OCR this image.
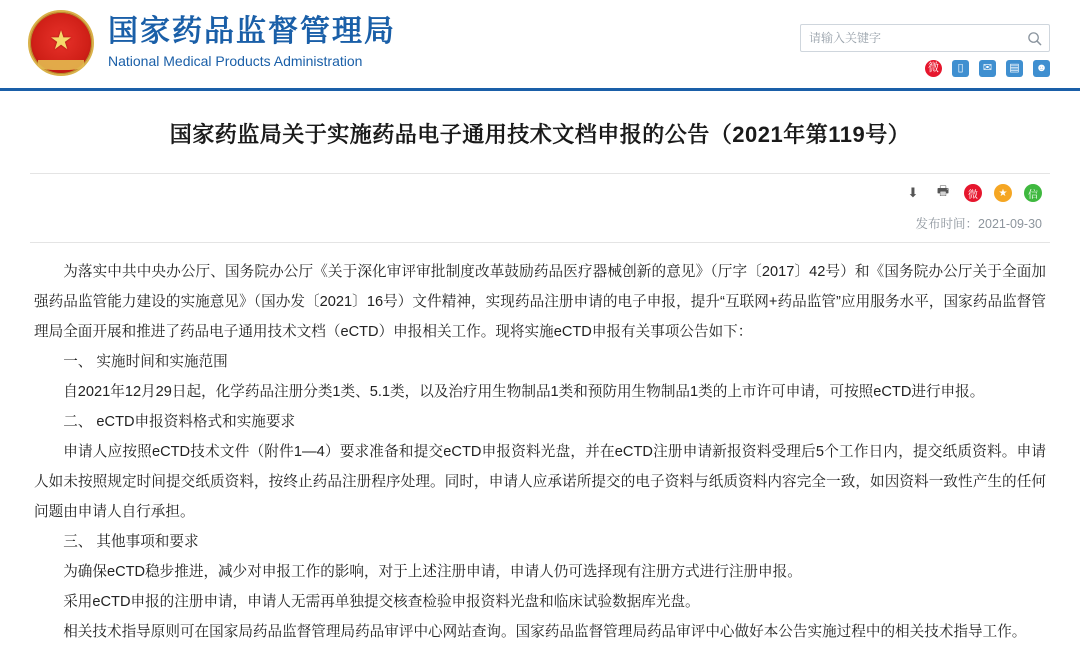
★
国家药品监督管理局
National Medical Products Administration
请输入关键字	微	▯	✉	▤ ☻
国家药监局关于实施药品电子通用技术文档申报的公告（2021年第119号）
⬇ 🖶	微	★	信
发布时间：2021-09-30

为落实中共中央办公厅、国务院办公厅《关于深化审评审批制度改革鼓励药品医疗器械创新的意见》（厅字〔2017〕42号）和《国务院办公厅关于全面加强药品监管能力建设的实施意见》（国办发〔2021〕16号）文件精神，实现药品注册申请的电子申报，提升“互联网+药品监管”应用服务水平，国家药品监督管理局全面开展和推进了药品电子通用技术文档（eCTD）申报相关工作。现将实施eCTD申报有关事项公告如下：

一、 实施时间和实施范围

自2021年12月29日起，化学药品注册分类1类、5.1类，以及治疗用生物制品1类和预防用生物制品1类的上市许可申请，可按照eCTD进行申报。

二、 eCTD申报资料格式和实施要求

申请人应按照eCTD技术文件（附件1—4）要求准备和提交eCTD申报资料光盘，并在eCTD注册申请新报资料受理后5个工作日内，提交纸质资料。申请人如未按照规定时间提交纸质资料，按终止药品注册程序处理。同时，申请人应承诺所提交的电子资料与纸质资料内容完全一致，如因资料一致性产生的任何问题由申请人自行承担。

三、 其他事项和要求

为确保eCTD稳步推进，减少对申报工作的影响，对于上述注册申请，申请人仍可选择现有注册方式进行注册申报。

采用eCTD申报的注册申请，申请人无需再单独提交核查检验申报资料光盘和临床试验数据库光盘。

相关技术指导原则可在国家局药品监督管理局药品审评中心网站查询。国家药品监督管理局药品审评中心做好本公告实施过程中的相关技术指导工作。
